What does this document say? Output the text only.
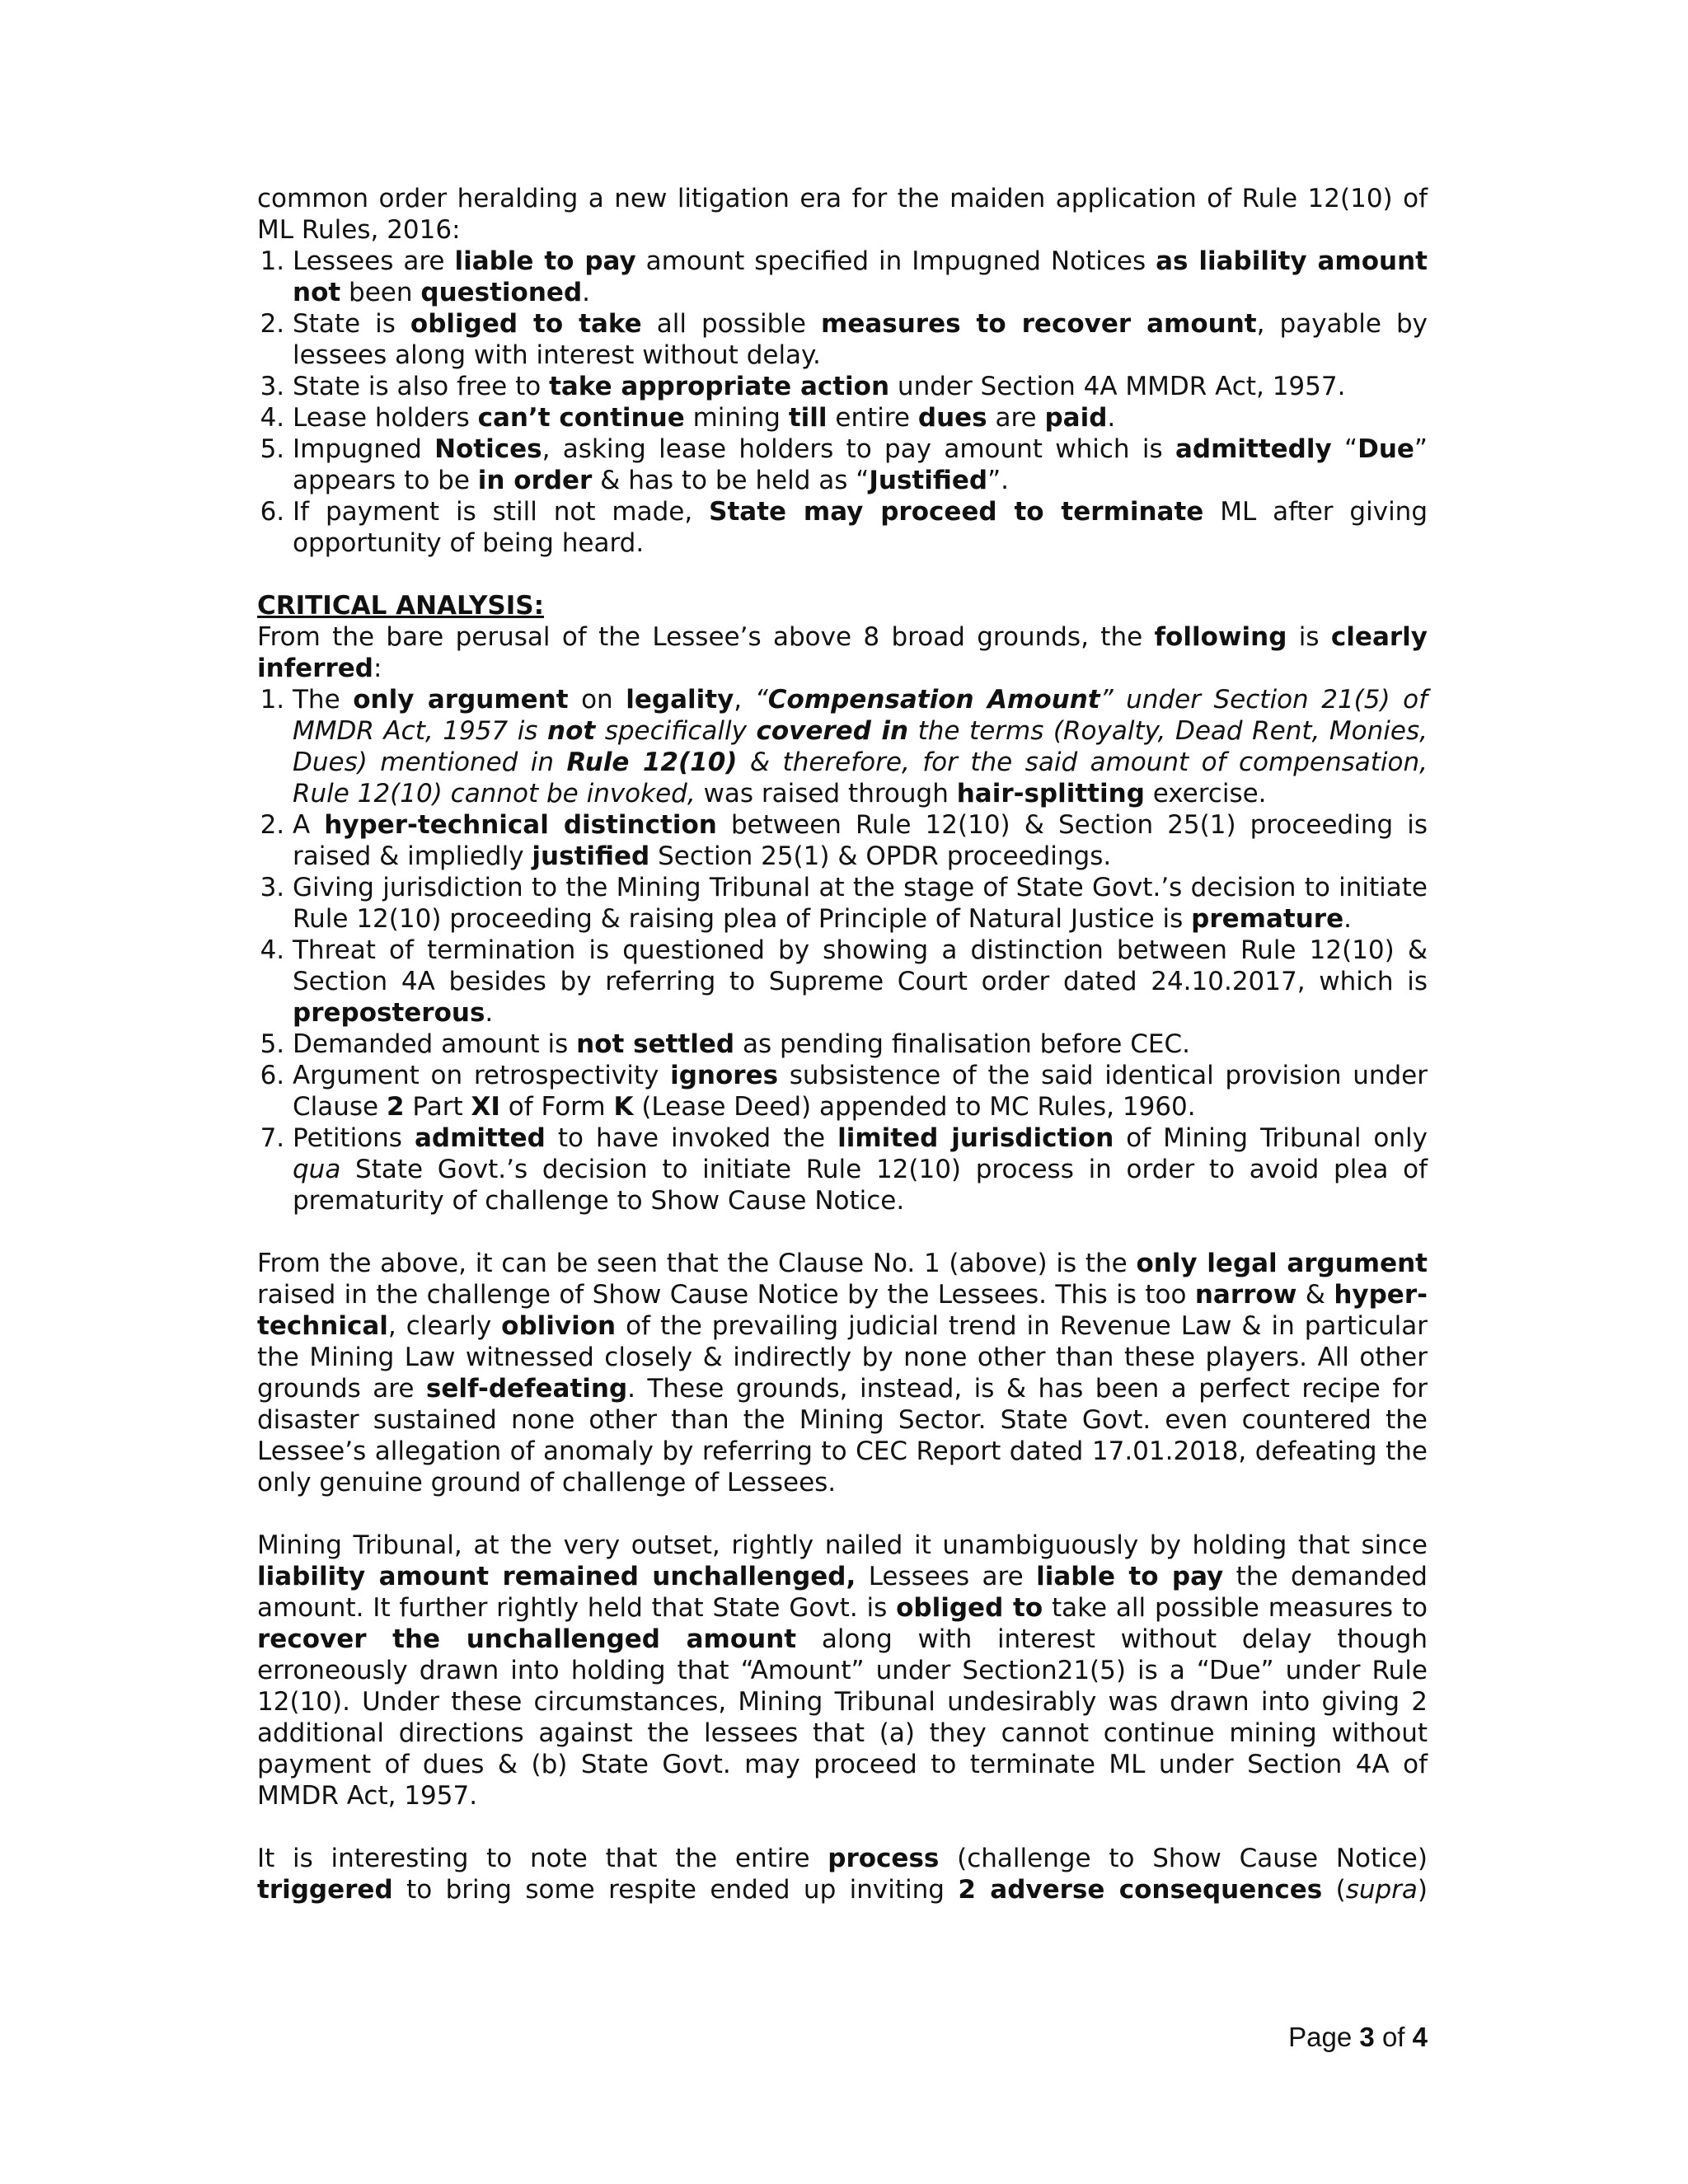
common order heralding a new litigation era for the maiden application of Rule 12(10) of ML Rules, 2016:

1. Lessees are liable to pay amount specified in Impugned Notices as liability amount not been questioned.
2. State is obliged to take all possible measures to recover amount, payable by lessees along with interest without delay.
3. State is also free to take appropriate action under Section 4A MMDR Act, 1957.
4. Lease holders can’t continue mining till entire dues are paid.
5. Impugned Notices, asking lease holders to pay amount which is admittedly “Due” appears to be in order & has to be held as “Justified”.
6. If payment is still not made, State may proceed to terminate ML after giving opportunity of being heard.

CRITICAL ANALYSIS:

From the bare perusal of the Lessee’s above 8 broad grounds, the following is clearly inferred:

1. The only argument on legality, “Compensation Amount” under Section 21(5) of MMDR Act, 1957 is not specifically covered in the terms (Royalty, Dead Rent, Monies, Dues) mentioned in Rule 12(10) & therefore, for the said amount of compensation, Rule 12(10) cannot be invoked, was raised through hair-splitting exercise.
2. A hyper-technical distinction between Rule 12(10) & Section 25(1) proceeding is raised & impliedly justified Section 25(1) & OPDR proceedings.
3. Giving jurisdiction to the Mining Tribunal at the stage of State Govt.’s decision to initiate Rule 12(10) proceeding & raising plea of Principle of Natural Justice is premature.
4. Threat of termination is questioned by showing a distinction between Rule 12(10) & Section 4A besides by referring to Supreme Court order dated 24.10.2017, which is preposterous.
5. Demanded amount is not settled as pending finalisation before CEC.
6. Argument on retrospectivity ignores subsistence of the said identical provision under Clause 2 Part XI of Form K (Lease Deed) appended to MC Rules, 1960.
7. Petitions admitted to have invoked the limited jurisdiction of Mining Tribunal only qua State Govt.’s decision to initiate Rule 12(10) process in order to avoid plea of prematurity of challenge to Show Cause Notice.

From the above, it can be seen that the Clause No. 1 (above) is the only legal argument raised in the challenge of Show Cause Notice by the Lessees. This is too narrow & hyper-technical, clearly oblivion of the prevailing judicial trend in Revenue Law & in particular the Mining Law witnessed closely & indirectly by none other than these players. All other grounds are self-defeating. These grounds, instead, is & has been a perfect recipe for disaster sustained none other than the Mining Sector. State Govt. even countered the Lessee’s allegation of anomaly by referring to CEC Report dated 17.01.2018, defeating the only genuine ground of challenge of Lessees.

Mining Tribunal, at the very outset, rightly nailed it unambiguously by holding that since liability amount remained unchallenged, Lessees are liable to pay the demanded amount. It further rightly held that State Govt. is obliged to take all possible measures to recover the unchallenged amount along with interest without delay though erroneously drawn into holding that “Amount” under Section21(5) is a “Due” under Rule 12(10). Under these circumstances, Mining Tribunal undesirably was drawn into giving 2 additional directions against the lessees that (a) they cannot continue mining without payment of dues & (b) State Govt. may proceed to terminate ML under Section 4A of MMDR Act, 1957.

It is interesting to note that the entire process (challenge to Show Cause Notice) triggered to bring some respite ended up inviting 2 adverse consequences (supra)

Page 3 of 4
